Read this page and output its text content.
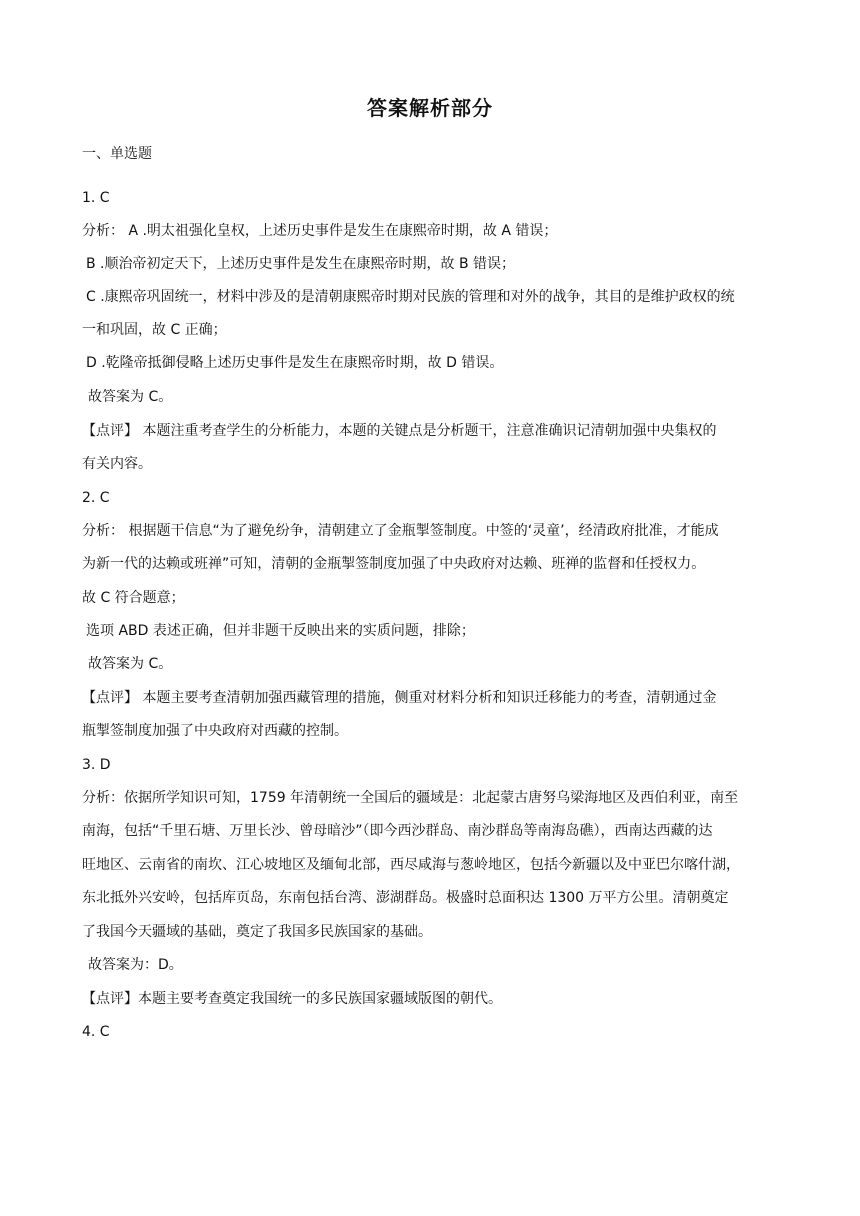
答案解析部分
一、单选题
1. C
分析： A .明太祖强化皇权，上述历史事件是发生在康熙帝时期，故 A 错误；
B .顺治帝初定天下，上述历史事件是发生在康熙帝时期，故 B 错误；
C .康熙帝巩固统一，材料中涉及的是清朝康熙帝时期对民族的管理和对外的战争，其目的是维护政权的统
一和巩固，故 C 正确；
D .乾隆帝抵御侵略上述历史事件是发生在康熙帝时期，故 D 错误。
故答案为 C。
【点评】 本题注重考查学生的分析能力，本题的关键点是分析题干，注意准确识记清朝加强中央集权的
有关内容。
2. C
分析： 根据题干信息“为了避免纷争，清朝建立了金瓶掣签制度。中签的‘灵童’，经清政府批准，才能成
为新一代的达赖或班禅”可知，清朝的金瓶掣签制度加强了中央政府对达赖、班禅的监督和任授权力。
故 C 符合题意；
选项 ABD 表述正确，但并非题干反映出来的实质问题，排除；
故答案为 C。
【点评】 本题主要考查清朝加强西藏管理的措施，侧重对材料分析和知识迁移能力的考查，清朝通过金
瓶掣签制度加强了中央政府对西藏的控制。
3. D
分析：依据所学知识可知，1759 年清朝统一全国后的疆域是：北起蒙古唐努乌梁海地区及西伯利亚，南至
南海，包括“千里石塘、万里长沙、曾母暗沙”（即今西沙群岛、南沙群岛等南海岛礁），西南达西藏的达
旺地区、云南省的南坎、江心坡地区及缅甸北部，西尽咸海与葱岭地区，包括今新疆以及中亚巴尔喀什湖，
东北抵外兴安岭，包括库页岛，东南包括台湾、澎湖群岛。极盛时总面积达 1300 万平方公里。清朝奠定
了我国今天疆域的基础，奠定了我国多民族国家的基础。
故答案为：D。
【点评】本题主要考查奠定我国统一的多民族国家疆域版图的朝代。
4. C
